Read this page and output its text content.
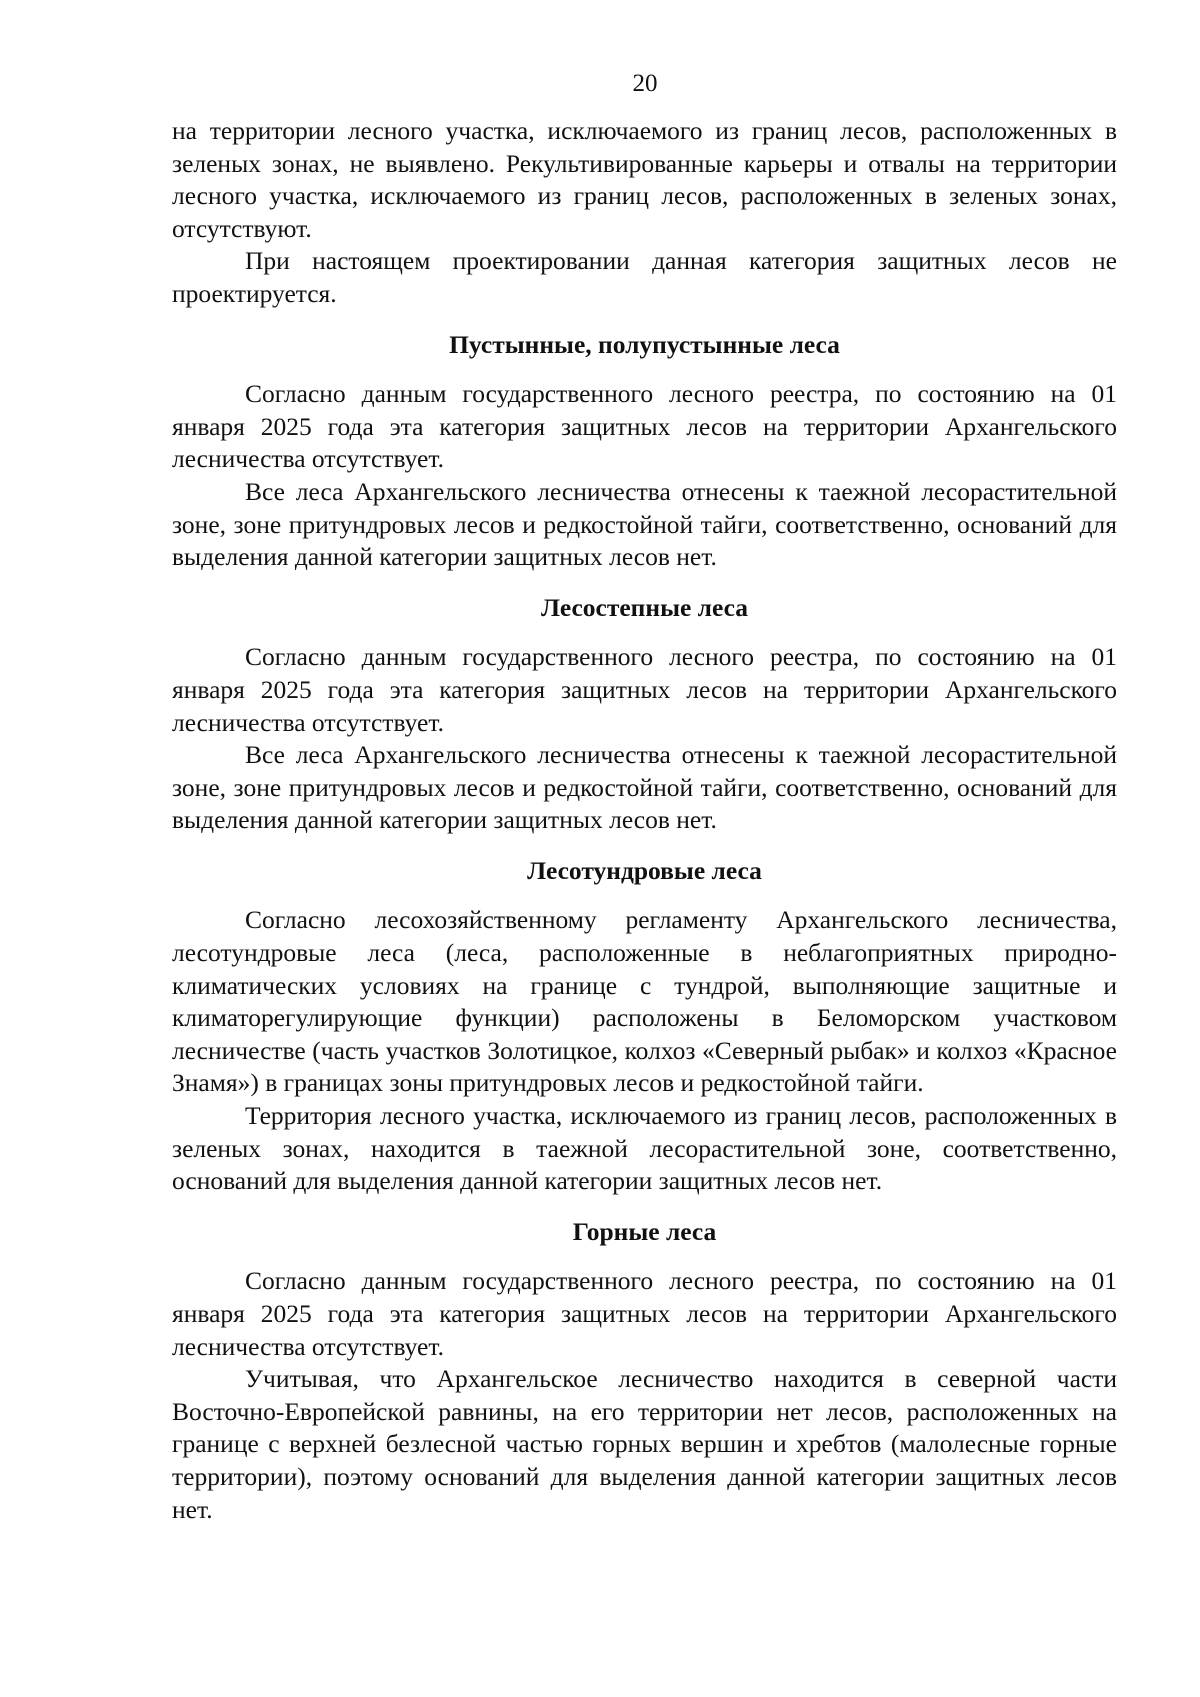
20

на территории лесного участка, исключаемого из границ лесов, расположенных в зеленых зонах, не выявлено. Рекультивированные карьеры и отвалы на территории лесного участка, исключаемого из границ лесов, расположенных в зеленых зонах, отсутствуют.

При настоящем проектировании данная категория защитных лесов не проектируется.

Пустынные, полупустынные леса

Согласно данным государственного лесного реестра, по состоянию на 01 января 2025 года эта категория защитных лесов на территории Архангельского лесничества отсутствует.

Все леса Архангельского лесничества отнесены к таежной лесорастительной зоне, зоне притундровых лесов и редкостойной тайги, соответственно, оснований для выделения данной категории защитных лесов нет.

Лесостепные леса

Согласно данным государственного лесного реестра, по состоянию на 01 января 2025 года эта категория защитных лесов на территории Архангельского лесничества отсутствует.

Все леса Архангельского лесничества отнесены к таежной лесорастительной зоне, зоне притундровых лесов и редкостойной тайги, соответственно, оснований для выделения данной категории защитных лесов нет.

Лесотундровые леса

Согласно лесохозяйственному регламенту Архангельского лесничества, лесотундровые леса (леса, расположенные в неблагоприятных природно-климатических условиях на границе с тундрой, выполняющие защитные и климаторегулирующие функции) расположены в Беломорском участковом лесничестве (часть участков Золотицкое, колхоз «Северный рыбак» и колхоз «Красное Знамя») в границах зоны притундровых лесов и редкостойной тайги.

Территория лесного участка, исключаемого из границ лесов, расположенных в зеленых зонах, находится в таежной лесорастительной зоне, соответственно, оснований для выделения данной категории защитных лесов нет.

Горные леса

Согласно данным государственного лесного реестра, по состоянию на 01 января 2025 года эта категория защитных лесов на территории Архангельского лесничества отсутствует.

Учитывая, что Архангельское лесничество находится в северной части Восточно-Европейской равнины, на его территории нет лесов, расположенных на границе с верхней безлесной частью горных вершин и хребтов (малолесные горные территории), поэтому оснований для выделения данной категории защитных лесов нет.
